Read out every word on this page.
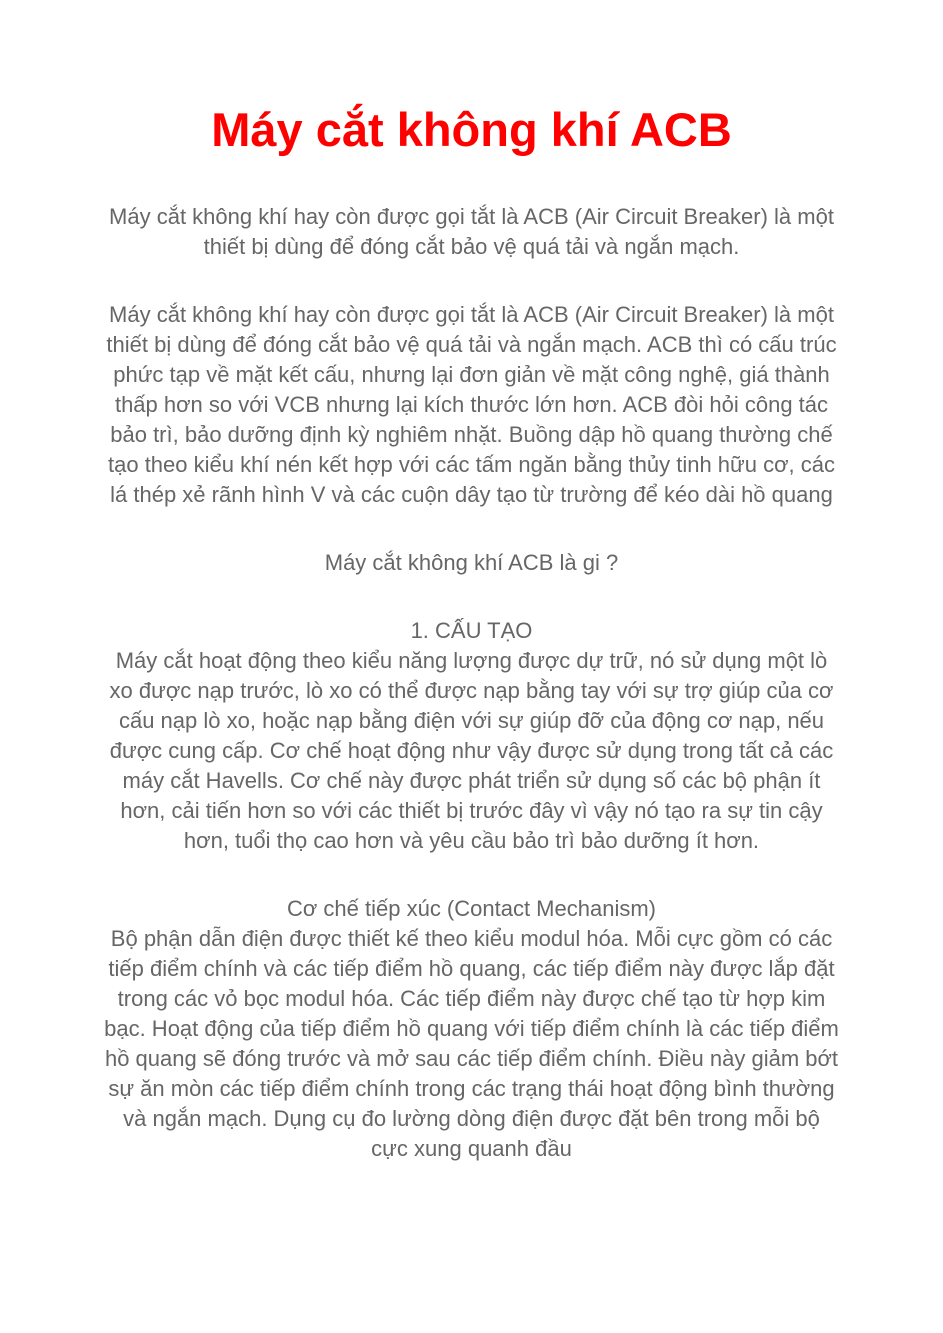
Máy cắt không khí ACB

Máy cắt không khí hay còn được gọi tắt là ACB (Air Circuit Breaker) là một thiết bị dùng để đóng cắt bảo vệ quá tải và ngắn mạch.

Máy cắt không khí hay còn được gọi tắt là ACB (Air Circuit Breaker) là một thiết bị dùng để đóng cắt bảo vệ quá tải và ngắn mạch. ACB thì có cấu trúc phức tạp về mặt kết cấu, nhưng lại đơn giản về mặt công nghệ, giá thành thấp hơn so với VCB nhưng lại kích thước lớn hơn. ACB đòi hỏi công tác bảo trì, bảo dưỡng định kỳ nghiêm nhặt. Buồng dập hồ quang thường chế tạo theo kiểu khí nén kết hợp với các tấm ngăn bằng thủy tinh hữu cơ, các lá thép xẻ rãnh hình V và các cuộn dây tạo từ trường để kéo dài hồ quang

Máy cắt không khí ACB là gi ?

1. CẤU TẠO
Máy cắt hoạt động theo kiểu năng lượng được dự trữ, nó sử dụng một lò xo được nạp trước, lò xo có thể được nạp bằng tay với sự trợ giúp của cơ cấu nạp lò xo, hoặc nạp bằng điện với sự giúp đỡ của động cơ nạp, nếu được cung cấp. Cơ chế hoạt động như vậy được sử dụng trong tất cả các máy cắt Havells. Cơ chế này được phát triển sử dụng số các bộ phận ít hơn, cải tiến hơn so với các thiết bị trước đây vì vậy nó tạo ra sự tin cậy hơn, tuổi thọ cao hơn và yêu cầu bảo trì bảo dưỡng ít hơn.
Cơ chế tiếp xúc (Contact Mechanism)
Bộ phận dẫn điện được thiết kế theo kiểu modul hóa. Mỗi cực gồm có các tiếp điểm chính và các tiếp điểm hồ quang, các tiếp điểm này được lắp đặt trong các vỏ bọc modul hóa. Các tiếp điểm này được chế tạo từ hợp kim bạc. Hoạt động của tiếp điểm hồ quang với tiếp điểm chính là các tiếp điểm hồ quang sẽ đóng trước và mở sau các tiếp điểm chính. Điều này giảm bớt sự ăn mòn các tiếp điểm chính trong các trạng thái hoạt động bình thường và ngắn mạch. Dụng cụ đo lường dòng điện được đặt bên trong mỗi bộ cực xung quanh đầu
